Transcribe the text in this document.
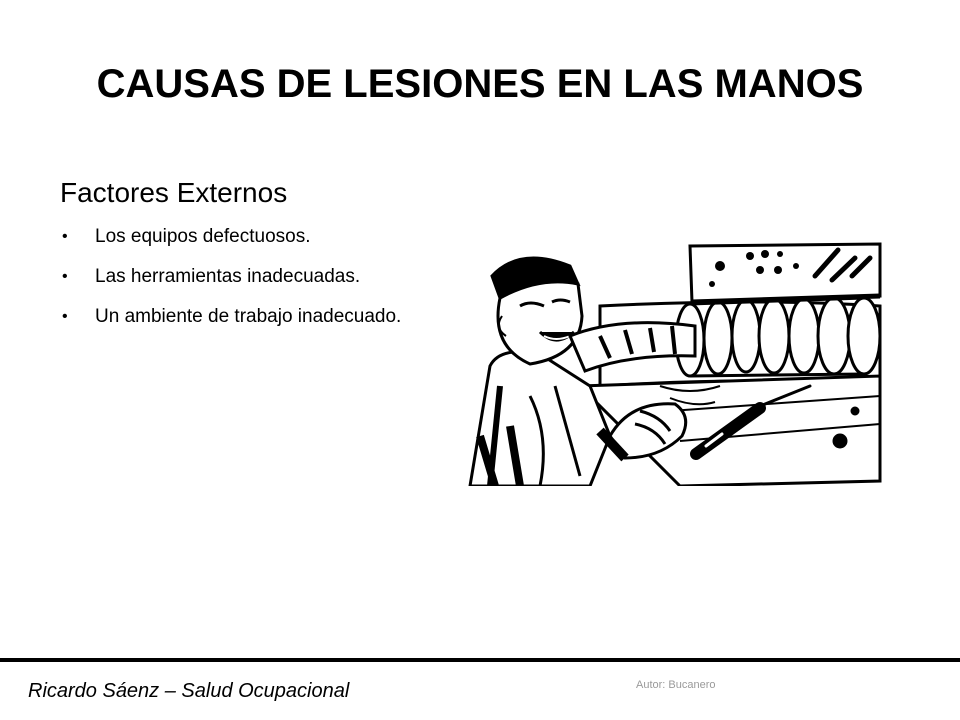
CAUSAS DE LESIONES EN LAS MANOS
Factores Externos
• Los equipos defectuosos.
• Las herramientas inadecuadas.
• Un ambiente de trabajo inadecuado.
Ricardo Sáenz – Salud Ocupacional	Autor: Bucanero
